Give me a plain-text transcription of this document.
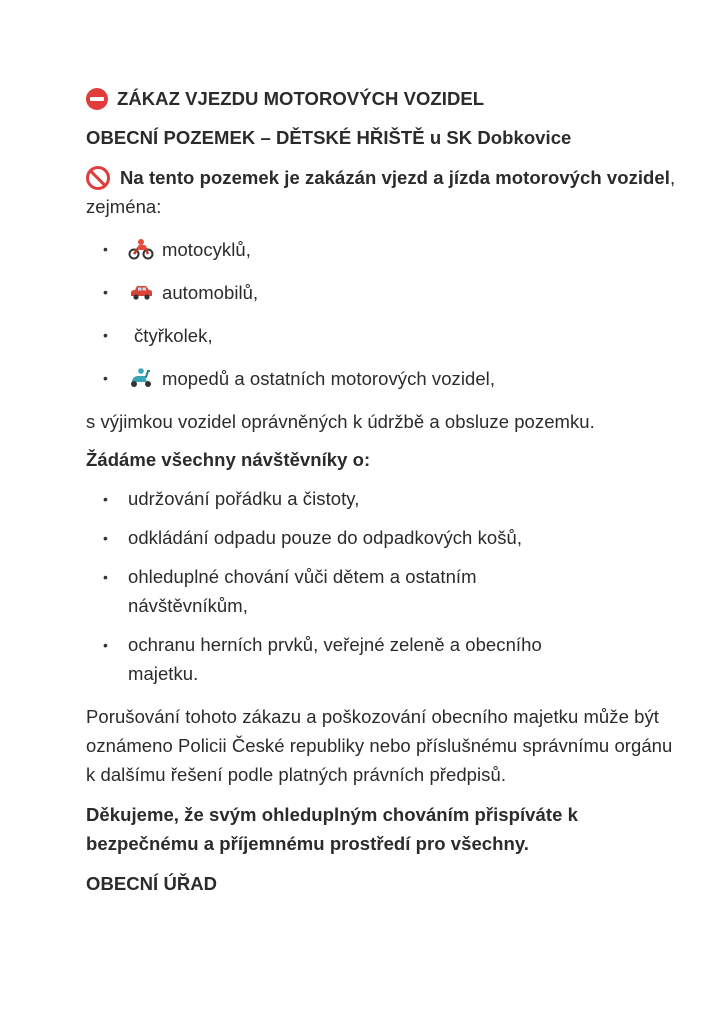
ZÁKAZ VJEZDU MOTOROVÝCH VOZIDEL

OBECNÍ POZEMEK – DĚTSKÉ HŘIŠTĚ u SK Dobkovice

Na tento pozemek je zakázán vjezd a jízda motorových vozidel, zejména:

• motocyklů,
• automobilů,
• čtyřkolek,
• mopedů a ostatních motorových vozidel,

s výjimkou vozidel oprávněných k údržbě a obsluze pozemku.

Žádáme všechny návštěvníky o:

• udržování pořádku a čistoty,
• odkládání odpadu pouze do odpadkových košů,
• ohleduplné chování vůči dětem a ostatním návštěvníkům,
• ochranu herních prvků, veřejné zeleně a obecního majetku.

Porušování tohoto zákazu a poškozování obecního majetku může být oznámeno Policii České republiky nebo příslušnému správnímu orgánu k dalšímu řešení podle platných právních předpisů.

Děkujeme, že svým ohleduplným chováním přispíváte k bezpečnému a příjemnému prostředí pro všechny.

OBECNÍ ÚŘAD
